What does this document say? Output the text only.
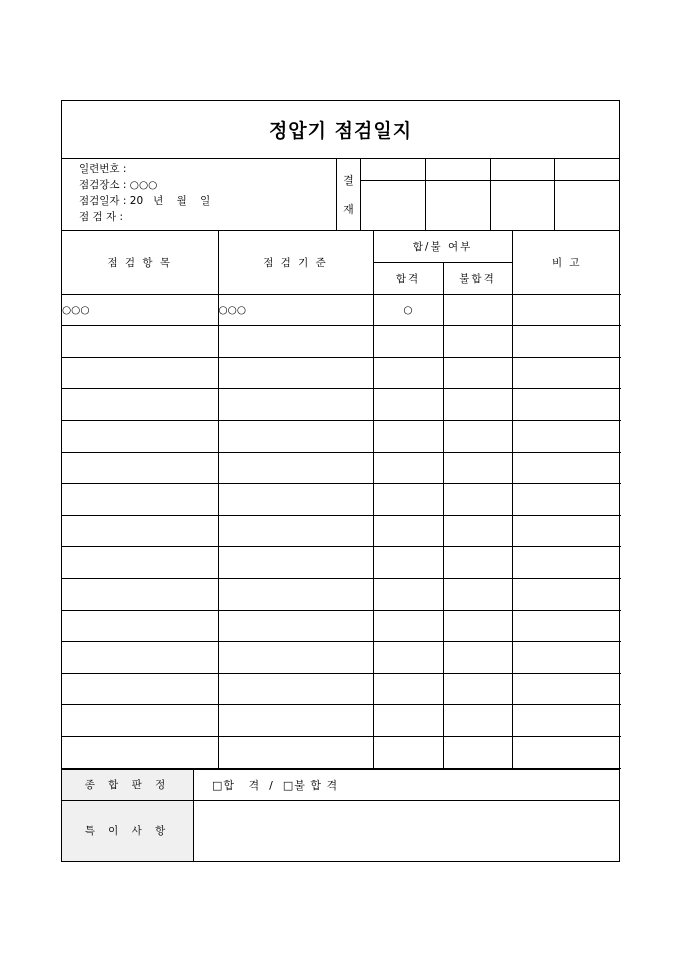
정압기 점검일지
일련번호 :
점검장소 : ○○○
점검일자 : 20   년    월    일
점 검 자 :
결
재
점 검 항 목	점 검 기 준	합/불 여부		비 고
		합격	불합격	
○○○	○○○	○		

종 합 판 정	□합   격  /  □불 합 격
특 이 사 항
